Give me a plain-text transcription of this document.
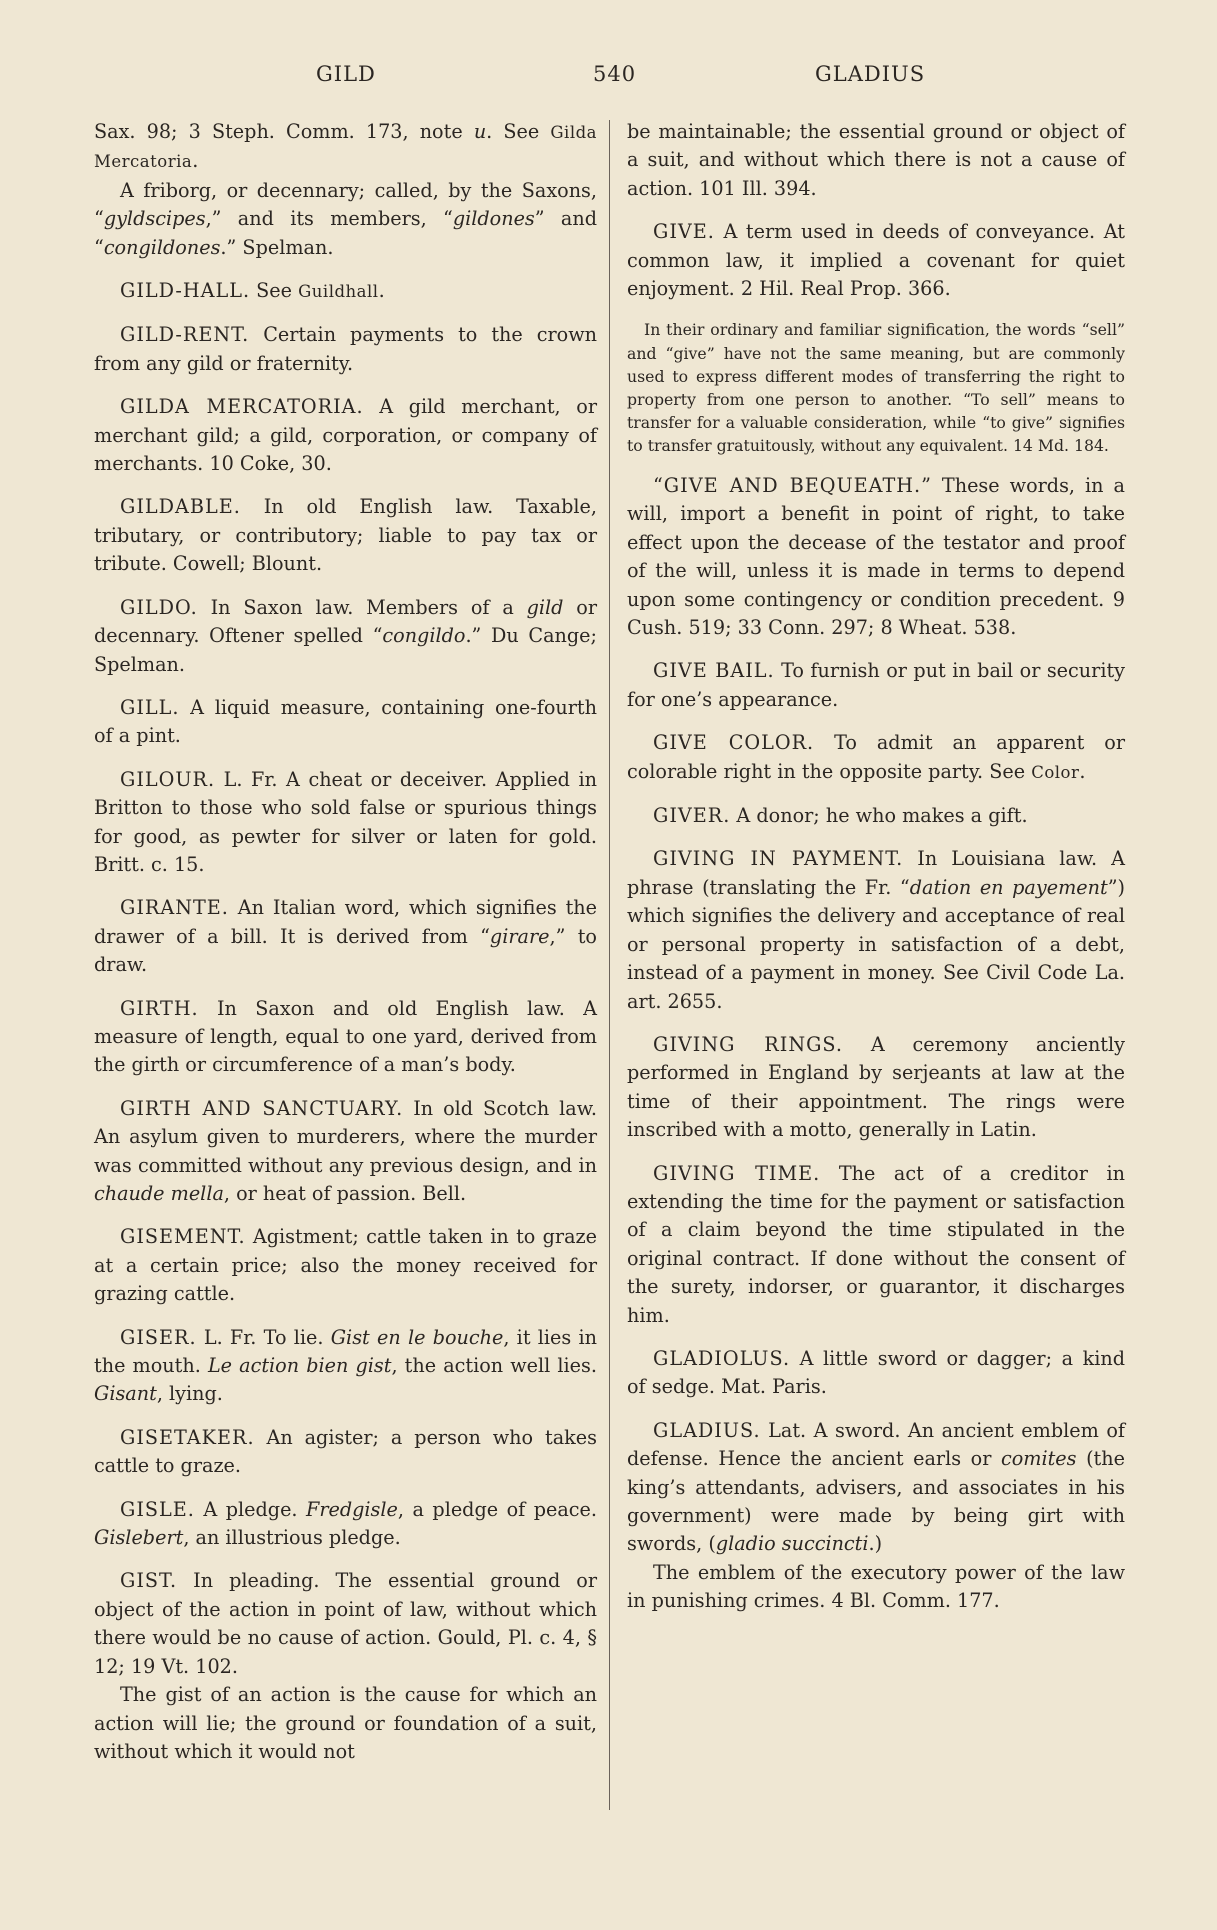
GILD	540	GLADIUS

Sax. 98; 3 Steph. Comm. 173, note u. See Gilda Mercatoria.

A friborg, or decennary; called, by the Saxons, “gyldscipes,” and its members, “gildones” and “congildones.” Spelman.

GILD-HALL. See Guildhall.

GILD-RENT. Certain payments to the crown from any gild or fraternity.

GILDA MERCATORIA. A gild merchant, or merchant gild; a gild, corporation, or company of merchants. 10 Coke, 30.

GILDABLE. In old English law. Taxable, tributary, or contributory; liable to pay tax or tribute. Cowell; Blount.

GILDO. In Saxon law. Members of a gild or decennary. Oftener spelled “congildo.” Du Cange; Spelman.

GILL. A liquid measure, containing one-fourth of a pint.

GILOUR. L. Fr. A cheat or deceiver. Applied in Britton to those who sold false or spurious things for good, as pewter for silver or laten for gold. Britt. c. 15.

GIRANTE. An Italian word, which signifies the drawer of a bill. It is derived from “girare,” to draw.

GIRTH. In Saxon and old English law. A measure of length, equal to one yard, derived from the girth or circumference of a man’s body.

GIRTH AND SANCTUARY. In old Scotch law. An asylum given to murderers, where the murder was committed without any previous design, and in chaude mella, or heat of passion. Bell.

GISEMENT. Agistment; cattle taken in to graze at a certain price; also the money received for grazing cattle.

GISER. L. Fr. To lie. Gist en le bouche, it lies in the mouth. Le action bien gist, the action well lies. Gisant, lying.

GISETAKER. An agister; a person who takes cattle to graze.

GISLE. A pledge. Fredgisle, a pledge of peace. Gislebert, an illustrious pledge.

GIST. In pleading. The essential ground or object of the action in point of law, without which there would be no cause of action. Gould, Pl. c. 4, § 12; 19 Vt. 102.

The gist of an action is the cause for which an action will lie; the ground or foundation of a suit, without which it would not

be maintainable; the essential ground or object of a suit, and without which there is not a cause of action. 101 Ill. 394.

GIVE. A term used in deeds of conveyance. At common law, it implied a covenant for quiet enjoyment. 2 Hil. Real Prop. 366.

In their ordinary and familiar signification, the words “sell” and “give” have not the same meaning, but are commonly used to express different modes of transferring the right to property from one person to another. “To sell” means to transfer for a valuable consideration, while “to give” signifies to transfer gratuitously, without any equivalent. 14 Md. 184.

“GIVE AND BEQUEATH.” These words, in a will, import a benefit in point of right, to take effect upon the decease of the testator and proof of the will, unless it is made in terms to depend upon some contingency or condition precedent. 9 Cush. 519; 33 Conn. 297; 8 Wheat. 538.

GIVE BAIL. To furnish or put in bail or security for one’s appearance.

GIVE COLOR. To admit an apparent or colorable right in the opposite party. See Color.

GIVER. A donor; he who makes a gift.

GIVING IN PAYMENT. In Louisiana law. A phrase (translating the Fr. “dation en payement”) which signifies the delivery and acceptance of real or personal property in satisfaction of a debt, instead of a payment in money. See Civil Code La. art. 2655.

GIVING RINGS. A ceremony anciently performed in England by serjeants at law at the time of their appointment. The rings were inscribed with a motto, generally in Latin.

GIVING TIME. The act of a creditor in extending the time for the payment or satisfaction of a claim beyond the time stipulated in the original contract. If done without the consent of the surety, indorser, or guarantor, it discharges him.

GLADIOLUS. A little sword or dagger; a kind of sedge. Mat. Paris.

GLADIUS. Lat. A sword. An ancient emblem of defense. Hence the ancient earls or comites (the king’s attendants, advisers, and associates in his government) were made by being girt with swords, (gladio succincti.)

The emblem of the executory power of the law in punishing crimes. 4 Bl. Comm. 177.
